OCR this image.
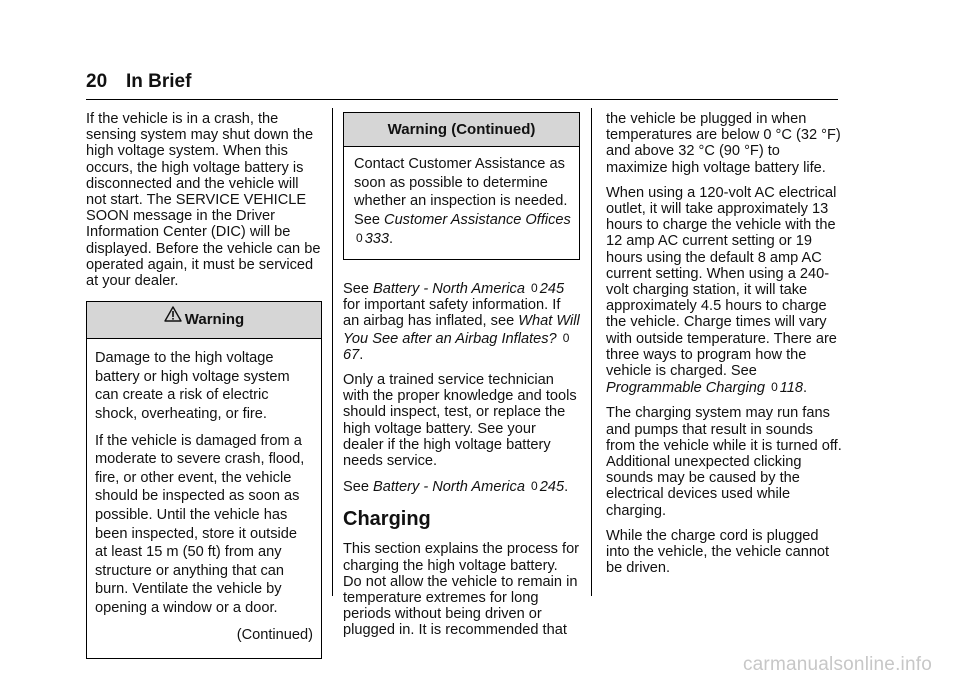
20 In Brief

If the vehicle is in a crash, the sensing system may shut down the high voltage system. When this occurs, the high voltage battery is disconnected and the vehicle will not start. The SERVICE VEHICLE SOON message in the Driver Information Center (DIC) will be displayed. Before the vehicle can be operated again, it must be serviced at your dealer.

Warning

Damage to the high voltage battery or high voltage system can create a risk of electric shock, overheating, or fire.

If the vehicle is damaged from a moderate to severe crash, flood, fire, or other event, the vehicle should be inspected as soon as possible. Until the vehicle has been inspected, store it outside at least 15 m (50 ft) from any structure or anything that can burn. Ventilate the vehicle by opening a window or a door.

(Continued)

Warning (Continued)

Contact Customer Assistance as soon as possible to determine whether an inspection is needed. See Customer Assistance Offices
0 333.

See Battery - North America 0 245 for important safety information. If an airbag has inflated, see What Will You See after an Airbag Inflates? 067.

Only a trained service technician with the proper knowledge and tools should inspect, test, or replace the high voltage battery. See your dealer if the high voltage battery needs service.

See Battery - North America 0 245.

Charging

This section explains the process for charging the high voltage battery. Do not allow the vehicle to remain in temperature extremes for long periods without being driven or plugged in. It is recommended that

the vehicle be plugged in when temperatures are below 0 °C (32 °F) and above 32 °C (90 °F) to maximize high voltage battery life.

When using a 120-volt AC electrical outlet, it will take approximately 13 hours to charge the vehicle with the 12 amp AC current setting or 19 hours using the default 8 amp AC current setting. When using a 240-volt charging station, it will take approximately 4.5 hours to charge the vehicle. Charge times will vary with outside temperature. There are three ways to program how the vehicle is charged. See Programmable Charging 0 118.

The charging system may run fans and pumps that result in sounds from the vehicle while it is turned off. Additional unexpected clicking sounds may be caused by the electrical devices used while charging.

While the charge cord is plugged into the vehicle, the vehicle cannot be driven.

carmanualsonline.info
